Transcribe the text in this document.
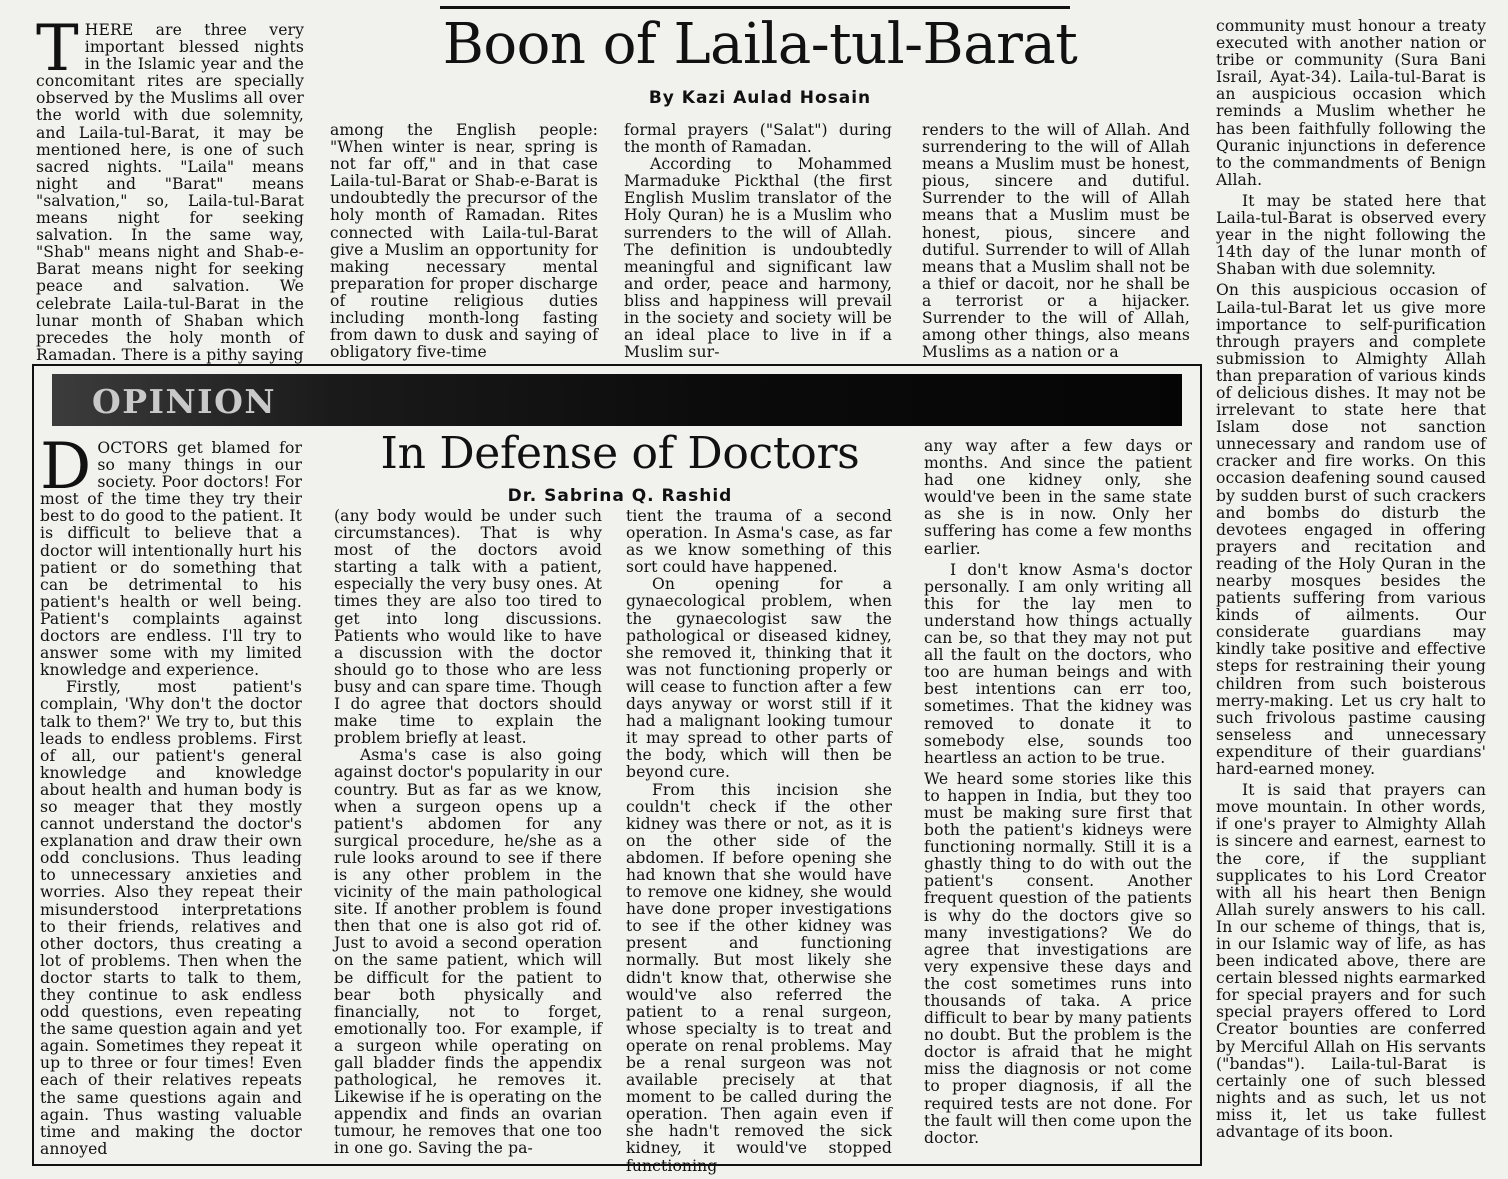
Boon of Laila-tul-Barat
By Kazi Aulad Hosain
T HERE are three very important blessed nights in the Islamic year and the concomitant rites are specially observed by the Muslims all over the world with due solemnity, and Laila-tul-Barat, it may be mentioned here, is one of such sacred nights. "Laila" means night and "Barat" means "salvation," so, Laila-tul-Barat means night for seeking salvation. In the same way, "Shab" means night and Shab-e-Barat means night for seeking peace and salvation. We celebrate Laila-tul-Barat in the lunar month of Shaban which precedes the holy month of Ramadan. There is a pithy saying

among the English people: "When winter is near, spring is not far off," and in that case Laila-tul-Barat or Shab-e-Barat is undoubtedly the precursor of the holy month of Ramadan. Rites connected with Laila-tul-Barat give a Muslim an opportunity for making necessary mental preparation for proper discharge of routine religious duties including month-long fasting from dawn to dusk and saying of obligatory five-time

formal prayers ("Salat") during the month of Ramadan.

According to Mohammed Marmaduke Pickthal (the first English Muslim translator of the Holy Quran) he is a Muslim who surrenders to the will of Allah. The definition is undoubtedly meaningful and significant law and order, peace and harmony, bliss and happiness will prevail in the society and society will be an ideal place to live in if a Muslim sur-

renders to the will of Allah. And surrendering to the will of Allah means a Muslim must be honest, pious, sincere and dutiful. Surrender to the will of Allah means that a Muslim must be honest, pious, sincere and dutiful. Surrender to will of Allah means that a Muslim shall not be a thief or dacoit, nor he shall be a terrorist or a hijacker. Surrender to the will of Allah, among other things, also means Muslims as a nation or a

community must honour a treaty executed with another nation or tribe or community (Sura Bani Israil, Ayat-34). Laila-tul-Barat is an auspicious occasion which reminds a Muslim whether he has been faithfully following the Quranic injunctions in deference to the commandments of Benign Allah.

It may be stated here that Laila-tul-Barat is observed every year in the night following the 14th day of the lunar month of Shaban with due solemnity.

On this auspicious occasion of Laila-tul-Barat let us give more importance to self-purification through prayers and complete submission to Almighty Allah than preparation of various kinds of delicious dishes. It may not be irrelevant to state here that Islam dose not sanction unnecessary and random use of cracker and fire works. On this occasion deafening sound caused by sudden burst of such crackers and bombs do disturb the devotees engaged in offering prayers and recitation and reading of the Holy Quran in the nearby mosques besides the patients suffering from various kinds of ailments. Our considerate guardians may kindly take positive and effective steps for restraining their young children from such boisterous merry-making. Let us cry halt to such frivolous pastime causing senseless and unnecessary expenditure of their guardians' hard-earned money.

It is said that prayers can move mountain. In other words, if one's prayer to Almighty Allah is sincere and earnest, earnest to the core, if the suppliant supplicates to his Lord Creator with all his heart then Benign Allah surely answers to his call. In our scheme of things, that is, in our Islamic way of life, as has been indicated above, there are certain blessed nights earmarked for special prayers and for such special prayers offered to Lord Creator bounties are conferred by Merciful Allah on His servants ("bandas"). Laila-tul-Barat is certainly one of such blessed nights and as such, let us not miss it, let us take fullest advantage of its boon.

OPINION
In Defense of Doctors
Dr. Sabrina Q. Rashid
D OCTORS get blamed for so many things in our society. Poor doctors! For most of the time they try their best to do good to the patient. It is difficult to believe that a doctor will intentionally hurt his patient or do something that can be detrimental to his patient's health or well being. Patient's complaints against doctors are endless. I'll try to answer some with my limited knowledge and experience.

Firstly, most patient's complain, 'Why don't the doctor talk to them?' We try to, but this leads to endless problems. First of all, our patient's general knowledge and knowledge about health and human body is so meager that they mostly cannot understand the doctor's explanation and draw their own odd conclusions. Thus leading to unnecessary anxieties and worries. Also they repeat their misunderstood interpretations to their friends, relatives and other doctors, thus creating a lot of problems. Then when the doctor starts to talk to them, they continue to ask endless odd questions, even repeating the same question again and yet again. Sometimes they repeat it up to three or four times! Even each of their relatives repeats the same questions again and again. Thus wasting valuable time and making the doctor annoyed

(any body would be under such circumstances). That is why most of the doctors avoid starting a talk with a patient, especially the very busy ones. At times they are also too tired to get into long discussions. Patients who would like to have a discussion with the doctor should go to those who are less busy and can spare time. Though I do agree that doctors should make time to explain the problem briefly at least.

Asma's case is also going against doctor's popularity in our country. But as far as we know, when a surgeon opens up a patient's abdomen for any surgical procedure, he/she as a rule looks around to see if there is any other problem in the vicinity of the main pathological site. If another problem is found then that one is also got rid of. Just to avoid a second operation on the same patient, which will be difficult for the patient to bear both physically and financially, not to forget, emotionally too. For example, if a surgeon while operating on gall bladder finds the appendix pathological, he removes it. Likewise if he is operating on the appendix and finds an ovarian tumour, he removes that one too in one go. Saving the pa-

tient the trauma of a second operation. In Asma's case, as far as we know something of this sort could have happened.

On opening for a gynaecological problem, when the gynaecologist saw the pathological or diseased kidney, she removed it, thinking that it was not functioning properly or will cease to function after a few days anyway or worst still if it had a malignant looking tumour it may spread to other parts of the body, which will then be beyond cure.

From this incision she couldn't check if the other kidney was there or not, as it is on the other side of the abdomen. If before opening she had known that she would have to remove one kidney, she would have done proper investigations to see if the other kidney was present and functioning normally. But most likely she didn't know that, otherwise she would've also referred the patient to a renal surgeon, whose specialty is to treat and operate on renal problems. May be a renal surgeon was not available precisely at that moment to be called during the operation. Then again even if she hadn't removed the sick kidney, it would've stopped functioning

any way after a few days or months. And since the patient had one kidney only, she would've been in the same state as she is in now. Only her suffering has come a few months earlier.

I don't know Asma's doctor personally. I am only writing all this for the lay men to understand how things actually can be, so that they may not put all the fault on the doctors, who too are human beings and with best intentions can err too, sometimes. That the kidney was removed to donate it to somebody else, sounds too heartless an action to be true.

We heard some stories like this to happen in India, but they too must be making sure first that both the patient's kidneys were functioning normally. Still it is a ghastly thing to do with out the patient's consent. Another frequent question of the patients is why do the doctors give so many investigations? We do agree that investigations are very expensive these days and the cost sometimes runs into thousands of taka. A price difficult to bear by many patients no doubt. But the problem is the doctor is afraid that he might miss the diagnosis or not come to proper diagnosis, if all the required tests are not done. For the fault will then come upon the doctor.
